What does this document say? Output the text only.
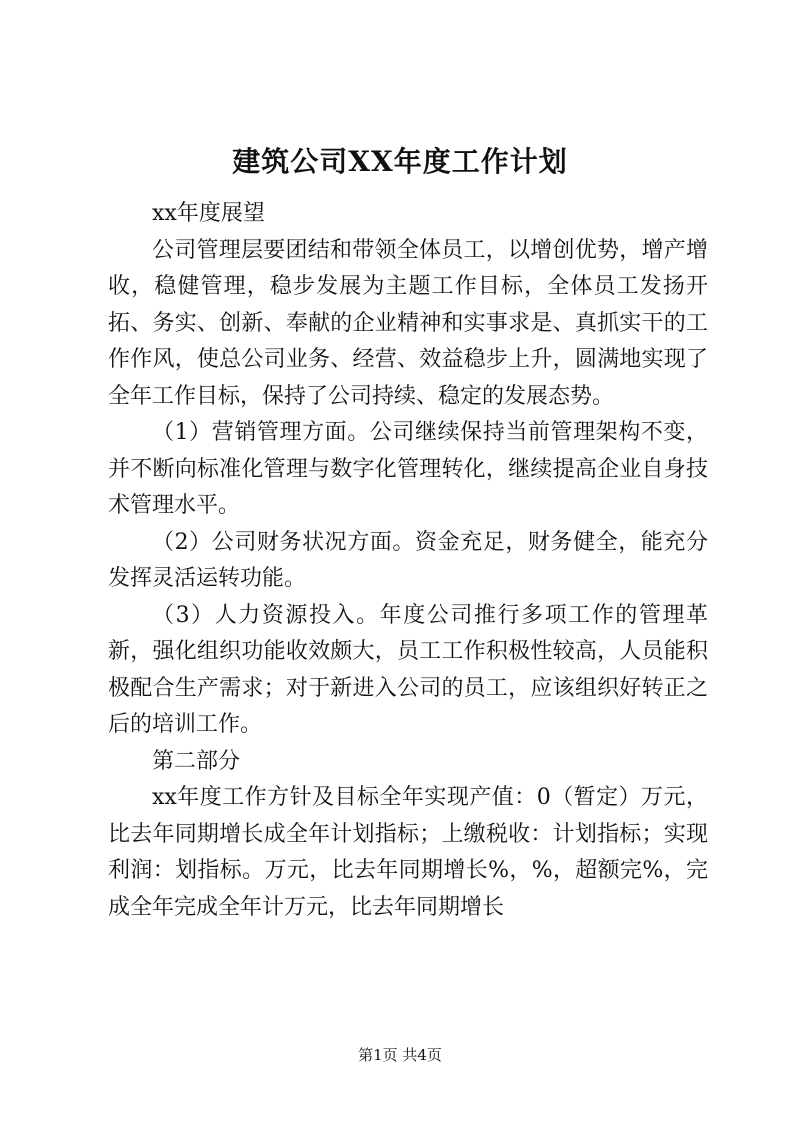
建筑公司XX年度工作计划

xx年度展望

公司管理层要团结和带领全体员工，以增创优势，增产增收，稳健管理，稳步发展为主题工作目标，全体员工发扬开拓、务实、创新、奉献的企业精神和实事求是、真抓实干的工作作风，使总公司业务、经营、效益稳步上升，圆满地实现了全年工作目标，保持了公司持续、稳定的发展态势。

（1）营销管理方面。公司继续保持当前管理架构不变，并不断向标准化管理与数字化管理转化，继续提高企业自身技术管理水平。

（2）公司财务状况方面。资金充足，财务健全，能充分发挥灵活运转功能。

（3）人力资源投入。年度公司推行多项工作的管理革新，强化组织功能收效颇大，员工工作积极性较高，人员能积极配合生产需求；对于新进入公司的员工，应该组织好转正之后的培训工作。

第二部分

xx年度工作方针及目标全年实现产值：0（暂定）万元，比去年同期增长成全年计划指标；上缴税收：计划指标；实现利润：划指标。万元，比去年同期增长%，%，超额完%，完成全年完成全年计万元，比去年同期增长

第1页 共4页
